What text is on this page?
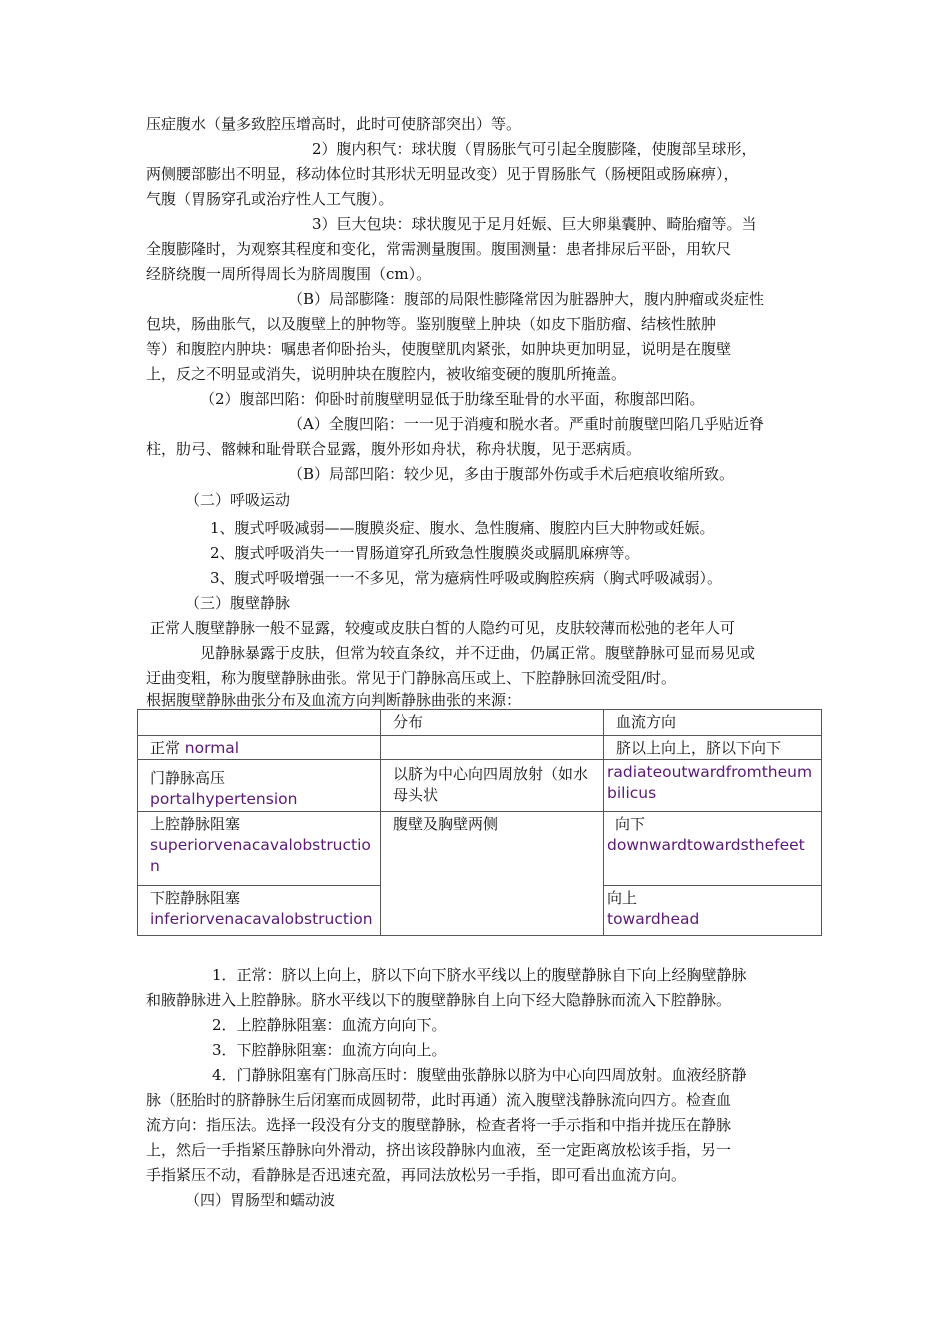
压症腹水（量多致腔压增高时，此时可使脐部突出）等。
2）腹内积气：球状腹（胃肠胀气可引起全腹膨隆，使腹部呈球形，
两侧腰部膨出不明显，移动体位时其形状无明显改变）见于胃肠胀气（肠梗阻或肠麻痹），
气腹（胃肠穿孔或治疗性人工气腹）。
3）巨大包块：球状腹见于足月妊娠、巨大卵巢囊肿、畸胎瘤等。当
全腹膨隆时，为观察其程度和变化，常需测量腹围。腹围测量：患者排尿后平卧，用软尺
经脐绕腹一周所得周长为脐周腹围（cm）。
（B）局部膨隆：腹部的局限性膨隆常因为脏器肿大，腹内肿瘤或炎症性
包块，肠曲胀气，以及腹壁上的肿物等。鉴别腹壁上肿块（如皮下脂肪瘤、结核性脓肿
等）和腹腔内肿块：嘱患者仰卧抬头，使腹壁肌肉紧张，如肿块更加明显，说明是在腹壁
上，反之不明显或消失，说明肿块在腹腔内，被收缩变硬的腹肌所掩盖。
（2）腹部凹陷：仰卧时前腹壁明显低于肋缘至耻骨的水平面，称腹部凹陷。
（A）全腹凹陷：一一见于消瘦和脱水者。严重时前腹壁凹陷几乎贴近脊
柱，肋弓、髂棘和耻骨联合显露，腹外形如舟状，称舟状腹，见于恶病质。
（B）局部凹陷：较少见，多由于腹部外伤或手术后疤痕收缩所致。
（二）呼吸运动
1、腹式呼吸减弱——腹膜炎症、腹水、急性腹痛、腹腔内巨大肿物或妊娠。
2、腹式呼吸消失一一胃肠道穿孔所致急性腹膜炎或膈肌麻痹等。
3、腹式呼吸增强一一不多见，常为癔病性呼吸或胸腔疾病（胸式呼吸减弱）。
（三）腹壁静脉
正常人腹壁静脉一般不显露，较瘦或皮肤白皙的人隐约可见，皮肤较薄而松弛的老年人可
见静脉暴露于皮肤，但常为较直条纹，并不迂曲，仍属正常。腹壁静脉可显而易见或
迂曲变粗，称为腹壁静脉曲张。常见于门静脉高压或上、下腔静脉回流受阻/时。
根据腹壁静脉曲张分布及血流方向判断静脉曲张的来源：
	分布	血流方向
正常 normal		脐以上向上，脐以下向下

门静脉高压
portalhypertension	以脐为中心向四周放射（如水母头状	radiateoutwardfromtheumbilicus

上腔静脉阻塞
superiorvenacavalobstruction	腹壁及胸壁两侧	向下
downwardtowardsthefeet

下腔静脉阻塞
inferiorvenacavalobstruction		向上
towardhead
1．正常：脐以上向上，脐以下向下脐水平线以上的腹壁静脉自下向上经胸壁静脉
和腋静脉进入上腔静脉。脐水平线以下的腹壁静脉自上向下经大隐静脉而流入下腔静脉。
2．上腔静脉阻塞：血流方向向下。
3．下腔静脉阻塞：血流方向向上。
4．门静脉阻塞有门脉高压时：腹壁曲张静脉以脐为中心向四周放射。血液经脐静
脉（胚胎时的脐静脉生后闭塞而成圆韧带，此时再通）流入腹壁浅静脉流向四方。检查血
流方向：指压法。选择一段没有分支的腹壁静脉，检查者将一手示指和中指并拢压在静脉
上，然后一手指紧压静脉向外滑动，挤出该段静脉内血液，至一定距离放松该手指，另一
手指紧压不动，看静脉是否迅速充盈，再同法放松另一手指，即可看出血流方向。
（四）胃肠型和蠕动波
